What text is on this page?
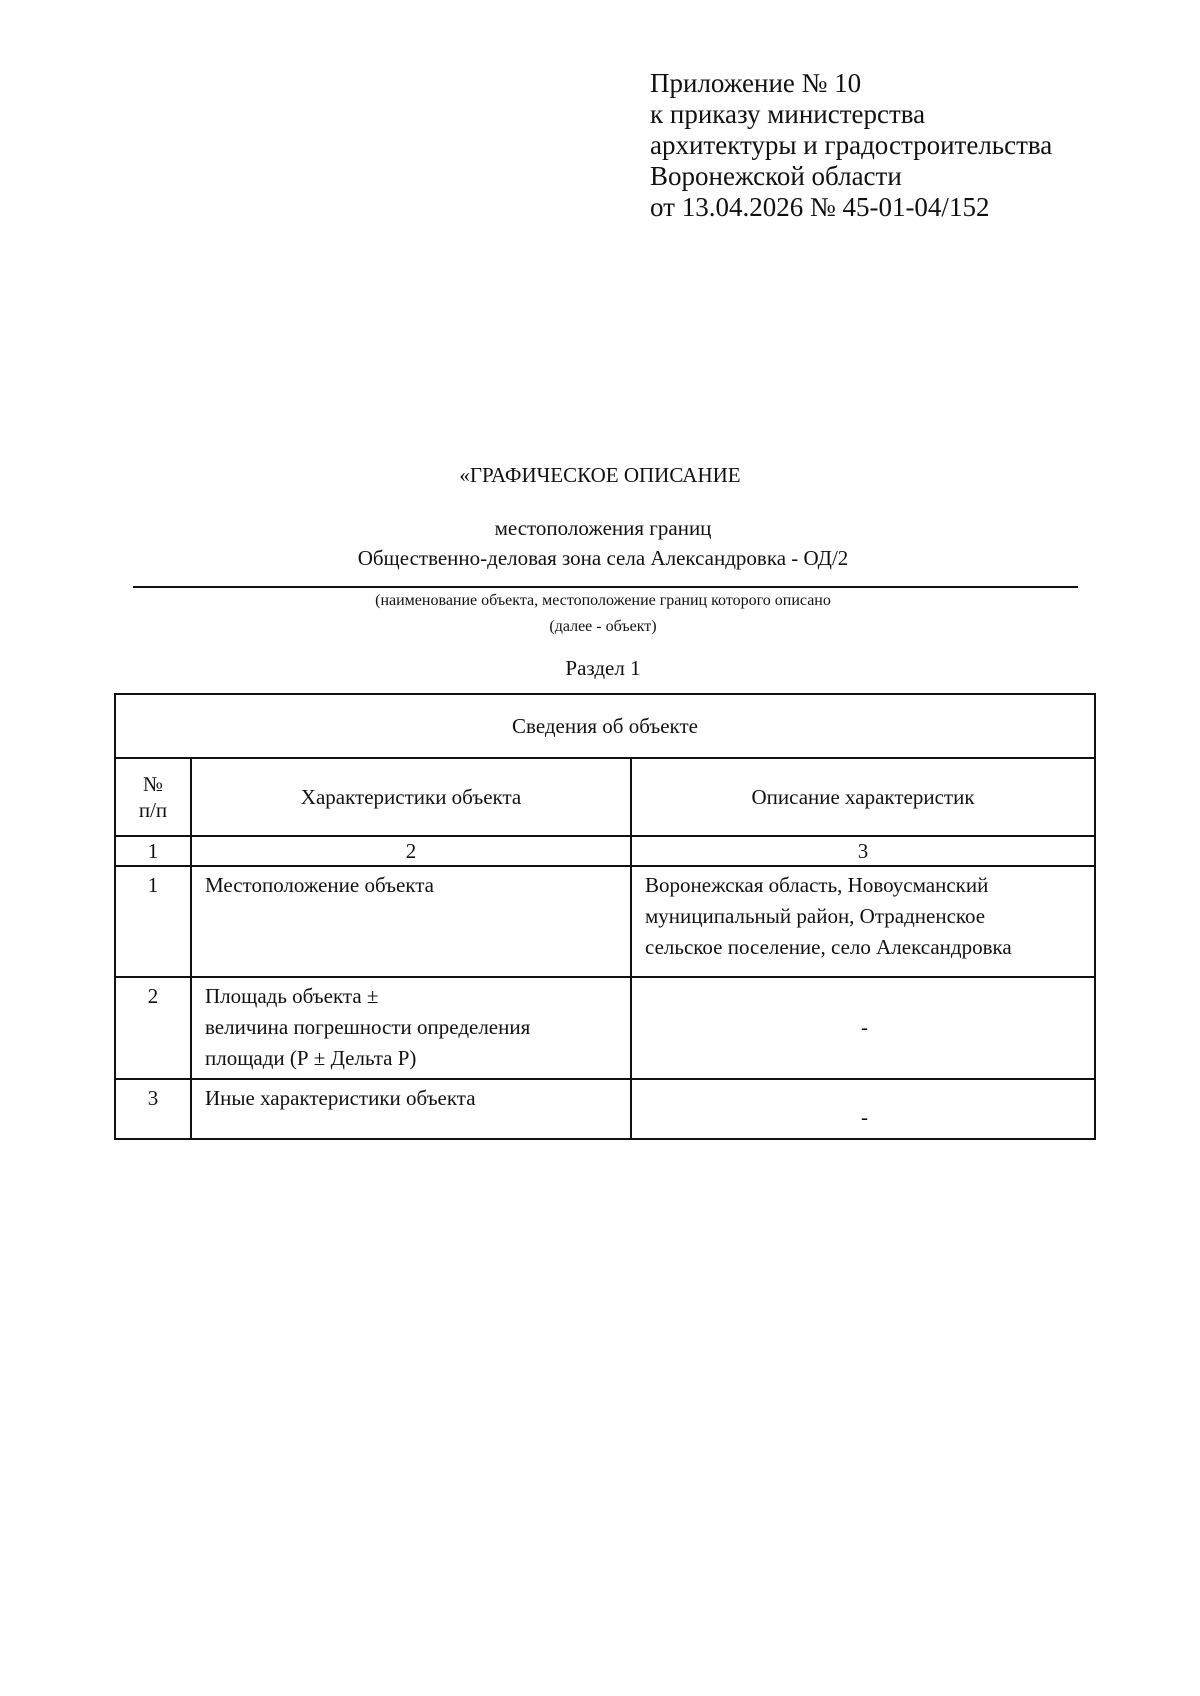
Приложение № 10
к приказу министерства
архитектуры и градостроительства
Воронежской области
от 13.04.2026 № 45-01-04/152
«ГРАФИЧЕСКОЕ ОПИСАНИЕ
местоположения границ
Общественно-деловая зона села Александровка - ОД/2
(наименование объекта, местоположение границ которого описано
(далее - объект)
Раздел 1
Сведения об объекте		

№
п/п	Характеристики объекта	Описание характеристик
1	2	3
1	Местоположение объекта	Воронежская область, Новоусманский
муниципальный район, Отрадненское
сельское поселение, село Александровка

2	Площадь объекта ±
величина погрешности определения
площади (Р ± Дельта Р)	-
3	Иные характеристики объекта	-
